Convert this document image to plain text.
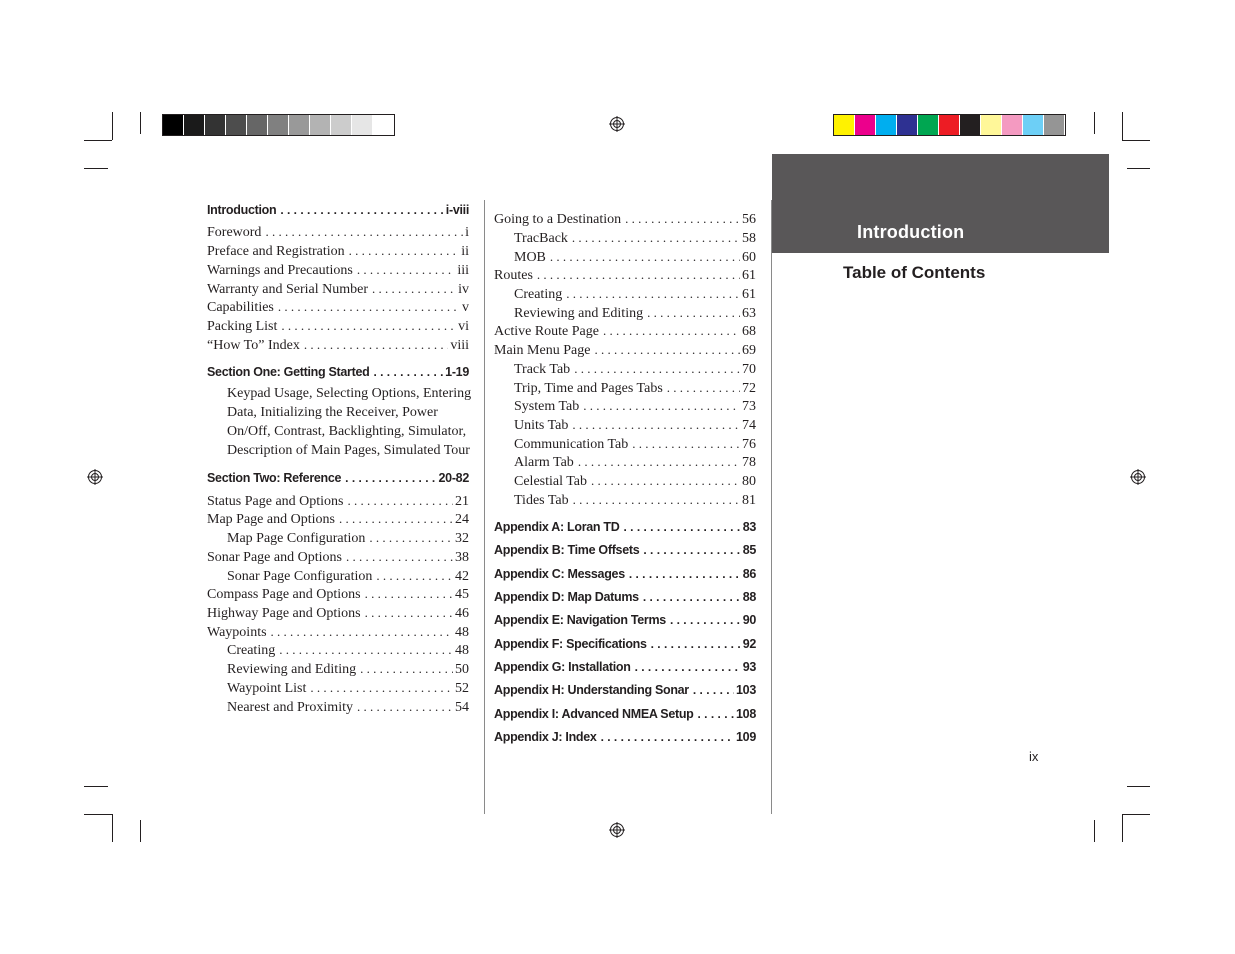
Introduction
Table of Contents
Introduction . . .	i-viii
Foreword . . .	i
Preface and Registration . . .	ii
Warnings and Precautions . . .	iii
Warranty and Serial Number . . .	iv
Capabilities . . .	v
Packing List . . .	vi
“How To” Index . . .	viii
Section One: Getting Started . . .	1-19
Section Two: Reference . . .	20-82
Status Page and Options . . .	21
Map Page and Options . . .	24
Map Page Configuration . . .	32
Sonar Page and Options . . .	38
Sonar Page Configuration . . .	42
Compass Page and Options . . .	45
Highway Page and Options . . .	46
Waypoints . . .	48
Creating . . .	48
Reviewing and Editing . . .	50
Waypoint List . . .	52
Nearest and Proximity . . .	54
Going to a Destination . . .	56
TracBack . . .	58
MOB . . .	60
Routes . . .	61
Creating . . .	61
Reviewing and Editing . . .	63
Active Route Page . . .	68
Main Menu Page . . .	69
Track Tab . . .	70
Trip, Time and Pages Tabs . . .	72
System Tab . . .	73
Units Tab . . .	74
Communication Tab . . .	76
Alarm Tab . . .	78
Celestial Tab . . .	80
Tides Tab . . .	81
Appendix A: Loran TD . . .	83
Appendix B: Time Offsets . . .	85
Appendix C: Messages . . .	86
Appendix D: Map Datums . . .	88
Appendix E: Navigation Terms . . .	90
Appendix F: Specifications . . .	92
Appendix G: Installation . . .	93
Appendix H: Understanding Sonar . . .	103
Appendix I: Advanced NMEA Setup . . .	108
Appendix J: Index . . .	109
Keypad Usage, Selecting Options, Entering
Data, Initializing the Receiver, Power
On/Off, Contrast, Backlighting, Simulator,
Description of Main Pages, Simulated Tour
ix
